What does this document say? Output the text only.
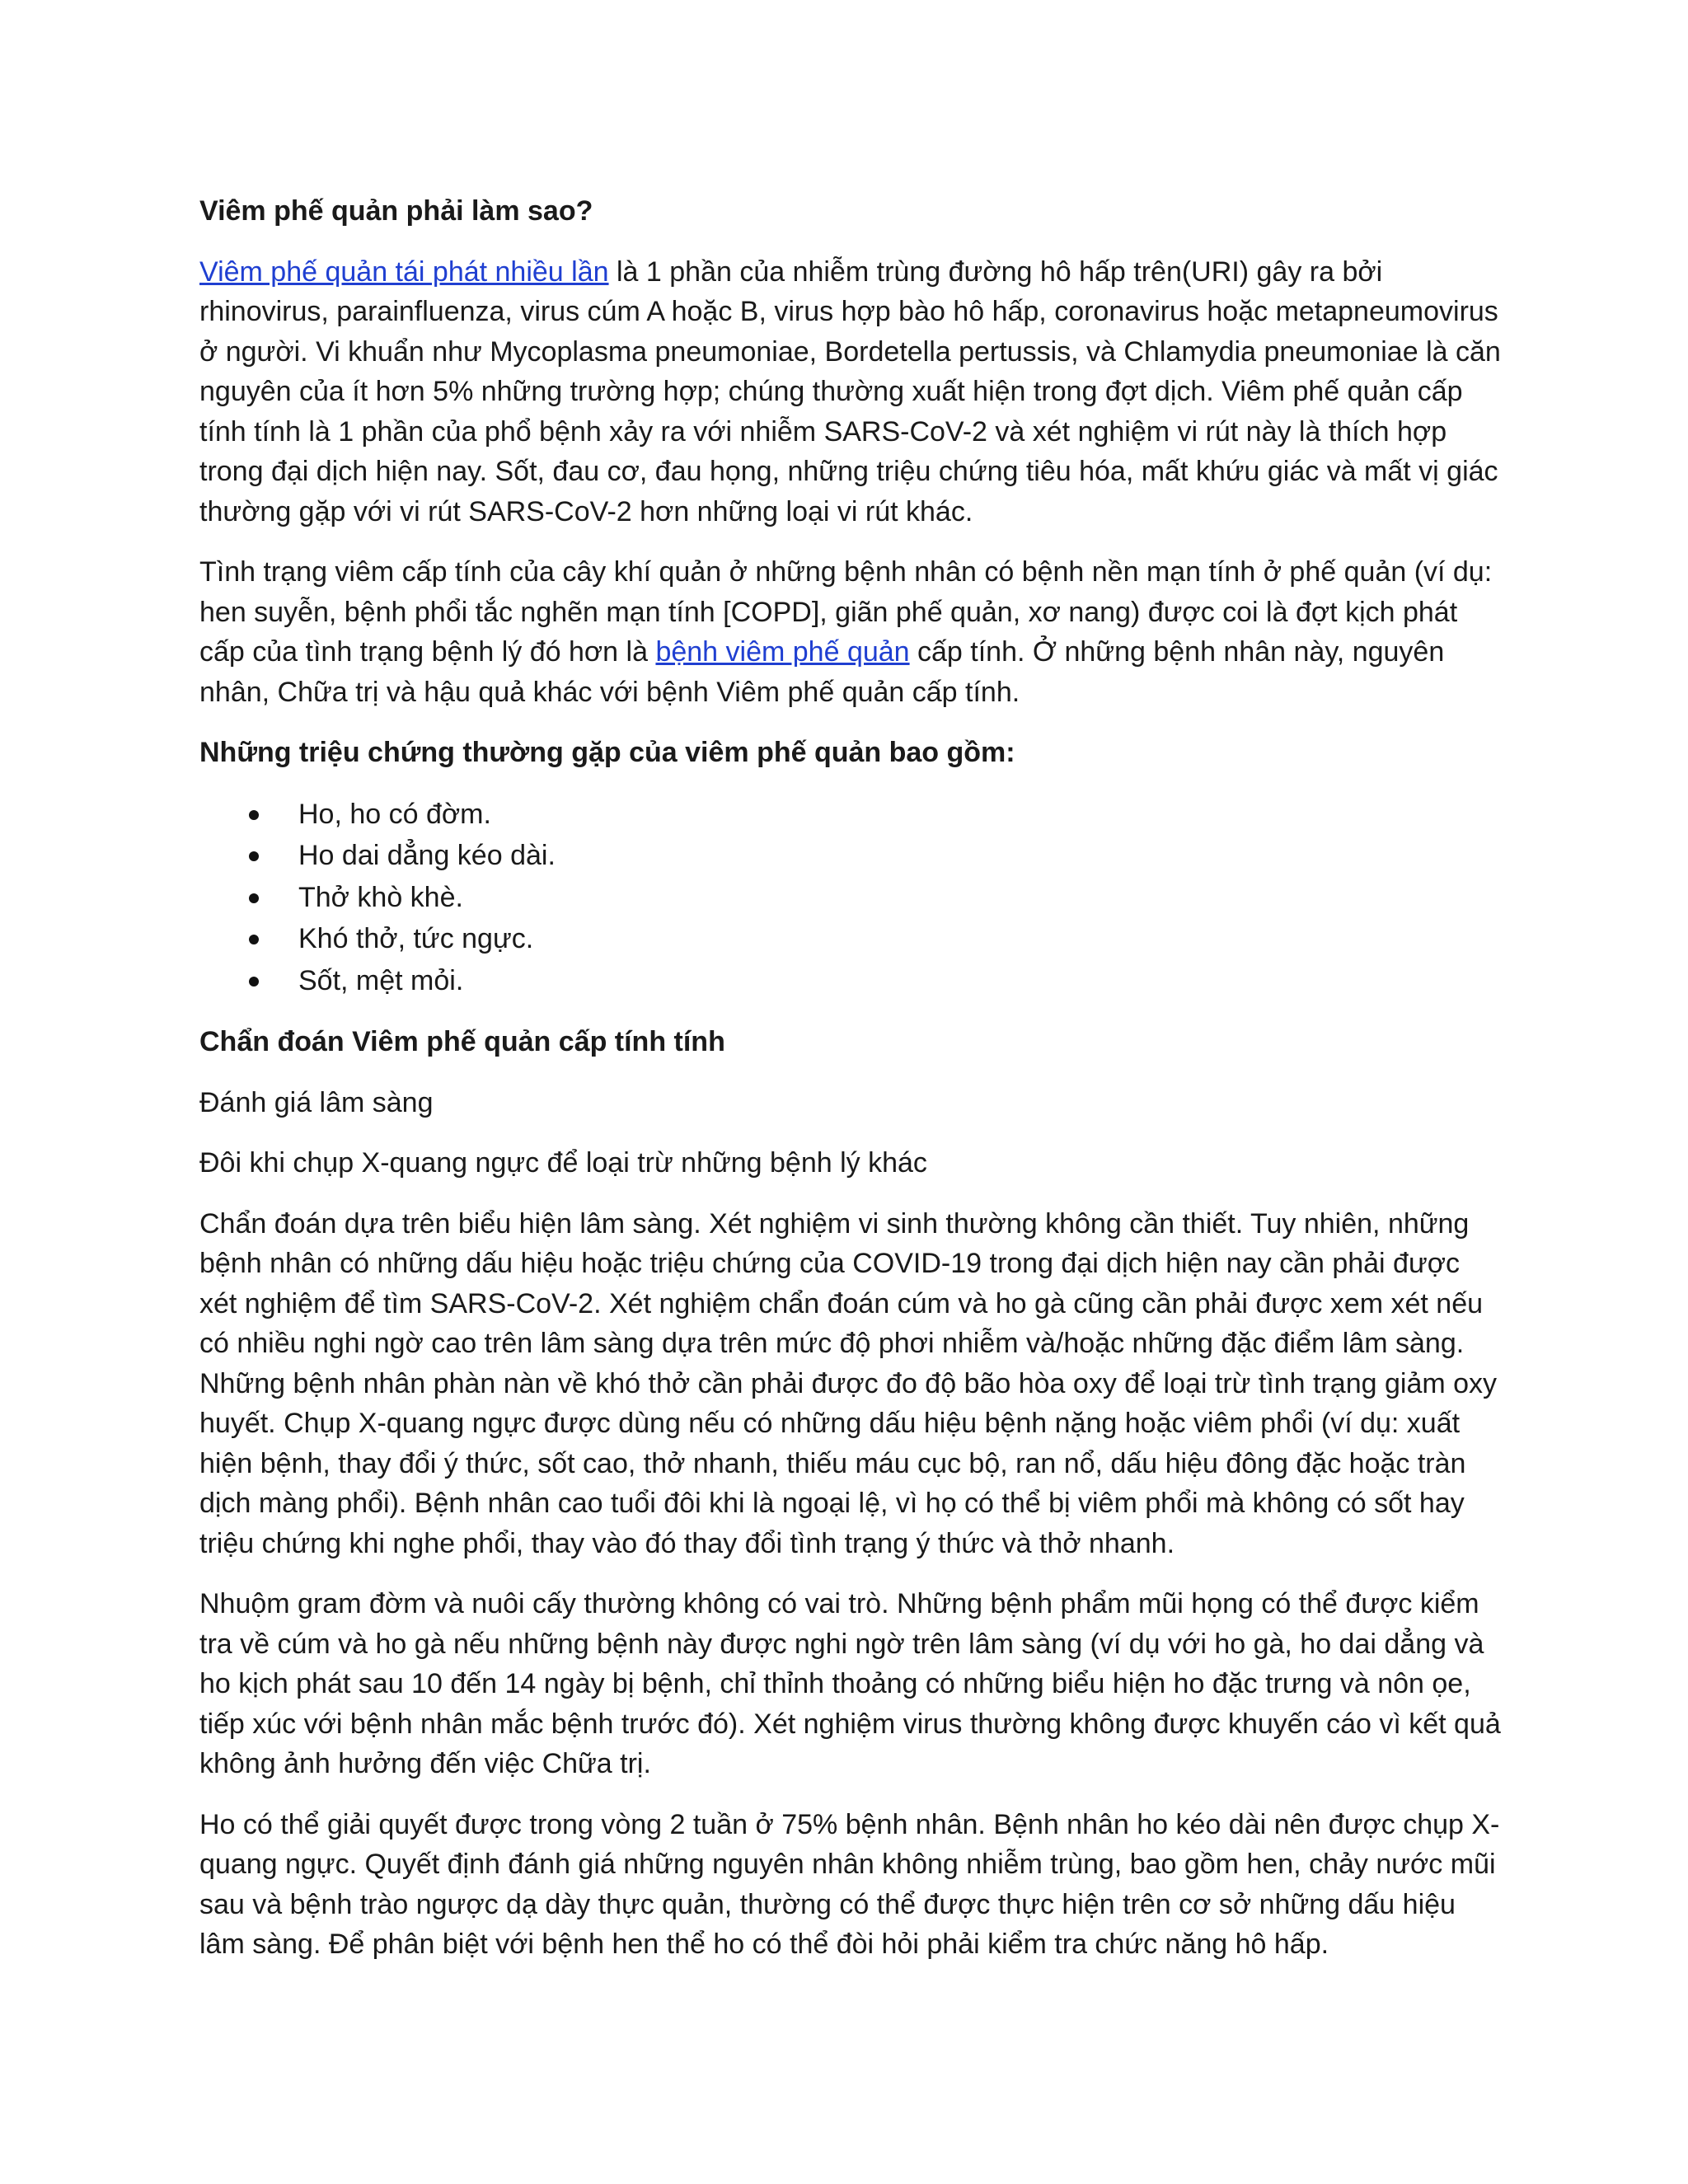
Viêm phế quản phải làm sao?

Viêm phế quản tái phát nhiều lần là 1 phần của nhiễm trùng đường hô hấp trên(URI) gây ra bởi rhinovirus, parainfluenza, virus cúm A hoặc B, virus hợp bào hô hấp, coronavirus hoặc metapneumovirus ở người. Vi khuẩn như Mycoplasma pneumoniae, Bordetella pertussis, và Chlamydia pneumoniae là căn nguyên của ít hơn 5% những trường hợp; chúng thường xuất hiện trong đợt dịch. Viêm phế quản cấp tính tính là 1 phần của phổ bệnh xảy ra với nhiễm SARS-CoV-2 và xét nghiệm vi rút này là thích hợp trong đại dịch hiện nay. Sốt, đau cơ, đau họng, những triệu chứng tiêu hóa, mất khứu giác và mất vị giác thường gặp với vi rút SARS-CoV-2 hơn những loại vi rút khác.

Tình trạng viêm cấp tính của cây khí quản ở những bệnh nhân có bệnh nền mạn tính ở phế quản (ví dụ: hen suyễn, bệnh phổi tắc nghẽn mạn tính [COPD], giãn phế quản, xơ nang) được coi là đợt kịch phát cấp của tình trạng bệnh lý đó hơn là bệnh viêm phế quản cấp tính. Ở những bệnh nhân này, nguyên nhân, Chữa trị và hậu quả khác với bệnh Viêm phế quản cấp tính.

Những triệu chứng thường gặp của viêm phế quản bao gồm:
Ho, ho có đờm.
Ho dai dẳng kéo dài.
Thở khò khè.
Khó thở, tức ngực.
Sốt, mệt mỏi.
Chẩn đoán Viêm phế quản cấp tính tính

Đánh giá lâm sàng

Đôi khi chụp X-quang ngực để loại trừ những bệnh lý khác

Chẩn đoán dựa trên biểu hiện lâm sàng. Xét nghiệm vi sinh thường không cần thiết. Tuy nhiên, những bệnh nhân có những dấu hiệu hoặc triệu chứng của COVID-19 trong đại dịch hiện nay cần phải được xét nghiệm để tìm SARS-CoV-2. Xét nghiệm chẩn đoán cúm và ho gà cũng cần phải được xem xét nếu có nhiều nghi ngờ cao trên lâm sàng dựa trên mức độ phơi nhiễm và/hoặc những đặc điểm lâm sàng. Những bệnh nhân phàn nàn về khó thở cần phải được đo độ bão hòa oxy để loại trừ tình trạng giảm oxy huyết. Chụp X-quang ngực được dùng nếu có những dấu hiệu bệnh nặng hoặc viêm phổi (ví dụ: xuất hiện bệnh, thay đổi ý thức, sốt cao, thở nhanh, thiếu máu cục bộ, ran nổ, dấu hiệu đông đặc hoặc tràn dịch màng phổi). Bệnh nhân cao tuổi đôi khi là ngoại lệ, vì họ có thể bị viêm phổi mà không có sốt hay triệu chứng khi nghe phổi, thay vào đó thay đổi tình trạng ý thức và thở nhanh.

Nhuộm gram đờm và nuôi cấy thường không có vai trò. Những bệnh phẩm mũi họng có thể được kiểm tra về cúm và ho gà nếu những bệnh này được nghi ngờ trên lâm sàng (ví dụ với ho gà, ho dai dẳng và ho kịch phát sau 10 đến 14 ngày bị bệnh, chỉ thỉnh thoảng có những biểu hiện ho đặc trưng và nôn ọe, tiếp xúc với bệnh nhân mắc bệnh trước đó). Xét nghiệm virus thường không được khuyến cáo vì kết quả không ảnh hưởng đến việc Chữa trị.

Ho có thể giải quyết được trong vòng 2 tuần ở 75% bệnh nhân. Bệnh nhân ho kéo dài nên được chụp X-quang ngực. Quyết định đánh giá những nguyên nhân không nhiễm trùng, bao gồm hen, chảy nước mũi sau và bệnh trào ngược dạ dày thực quản, thường có thể được thực hiện trên cơ sở những dấu hiệu lâm sàng. Để phân biệt với bệnh hen thể ho có thể đòi hỏi phải kiểm tra chức năng hô hấp.
